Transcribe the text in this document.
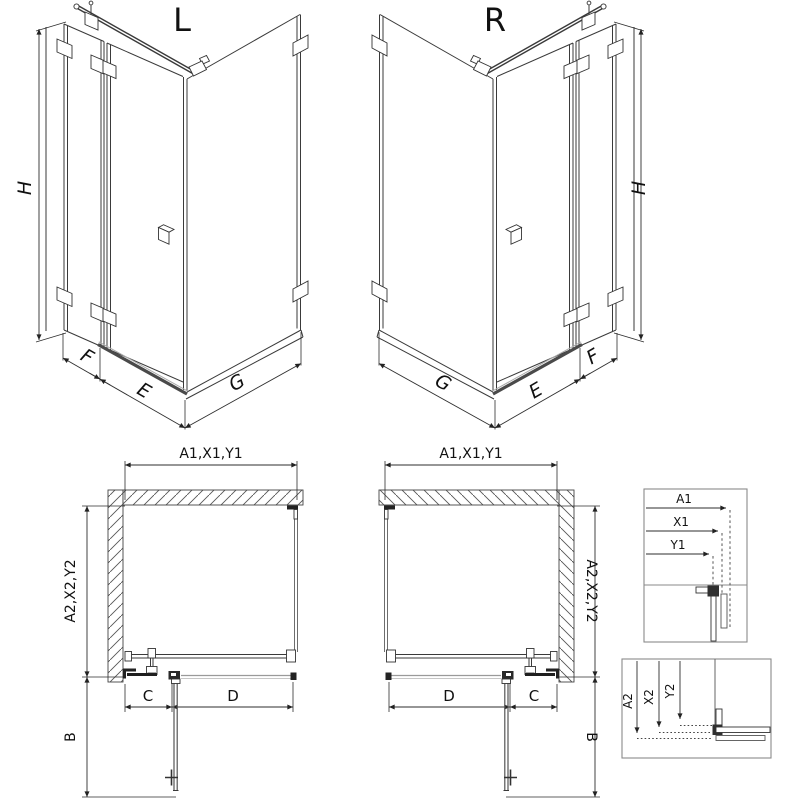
L
H
F
E	G
R
H
F
E
G
A1,X1,Y1
A2,X2,Y2
B
C	D
A1,X1,Y1
A2,X2,Y2
B
D	C
A1
X1
Y1
A2 X2 Y2
